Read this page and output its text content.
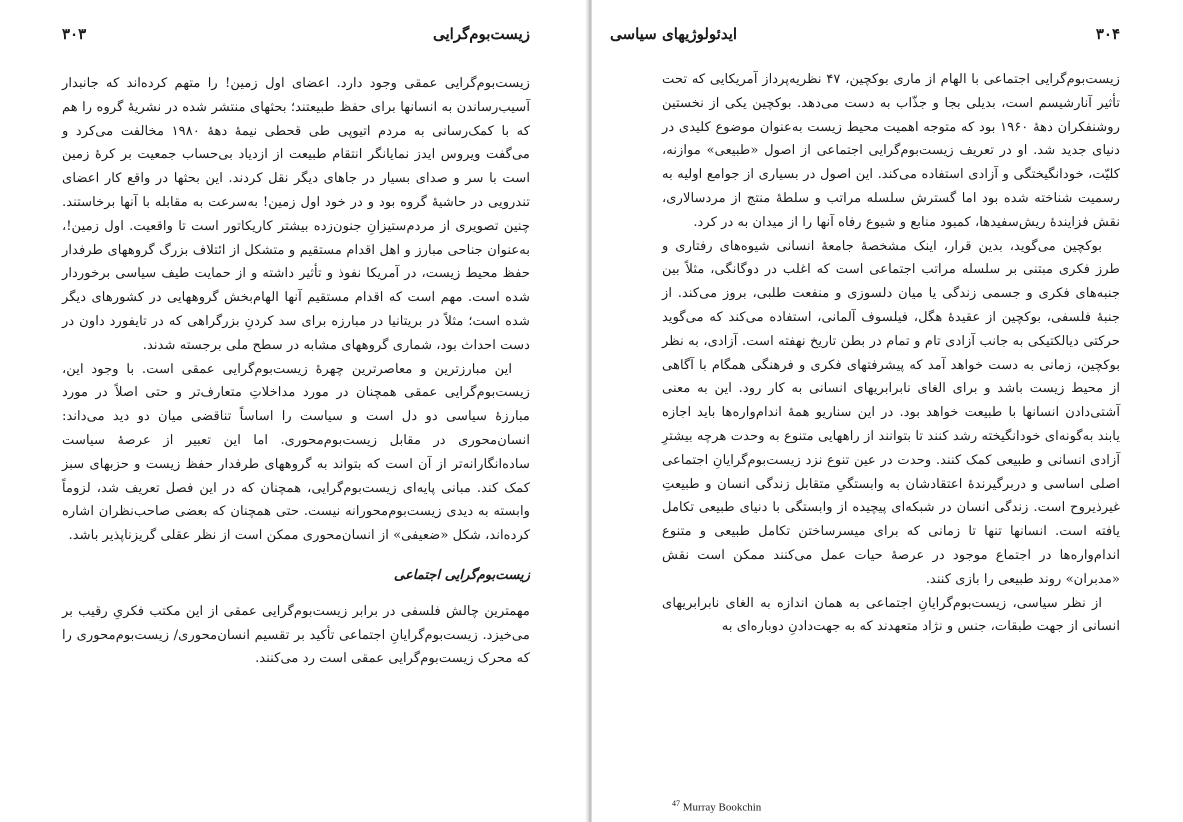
زیست‌بوم‌گرایی
۳۰۳

زیست‌بوم‌گرایی عمقی وجود دارد. اعضای اول زمین! را متهم کرده‌اند که جانبدار آسیب‌رساندن به انسانها برای حفظ طبیعتند؛ بحثهای منتشر شده در نشریهٔ گروه را هم که با کمک‌رسانی به مردم اتیوپی طی قحطی نیمهٔ دههٔ ۱۹۸۰ مخالفت می‌کرد و می‌گفت ویروس ایدز نمایانگر انتقام طبیعت از ازدیاد بی‌حساب جمعیت بر کرهٔ زمین است با سر و صدای بسیار در جاهای دیگر نقل کردند. این بحثها در واقع کار اعضای تندرویی در حاشیهٔ گروه بود و در خود اول زمین! به‌سرعت به مقابله با آنها برخاستند. چنین تصویری از مردم‌ستیزانِ جنون‌زده بیشتر کاریکاتور است تا واقعیت. اول زمین!، به‌عنوان جناحی مبارز و اهل اقدام مستقیم و متشکل از ائتلاف بزرگ گروههای طرفدار حفظ محیط زیست، در آمریکا نفوذ و تأثیر داشته و از حمایت طیف سیاسی برخوردار شده است. مهم است که اقدام مستقیم آنها الهام‌بخش گروههایی در کشورهای دیگر شده است؛ مثلاً در بریتانیا در مبارزه برای سد کردنِ بزرگراهی که در تایفورد داون در دست احداث بود، شماری گروههای مشابه در سطح ملی برجسته شدند.

این مبارزترین و معاصرترین چهرهٔ زیست‌بوم‌گرایی عمقی است. با وجود این، زیست‌بوم‌گرایی عمقی همچنان در مورد مداخلاتِ متعارف‌تر و حتی اصلاً در مورد مبارزهٔ سیاسی دو دل است و سیاست را اساساً تناقضی میان دو دید می‌داند: انسان‌محوری در مقابل زیست‌بوم‌محوری. اما این تعبیر از عرصهٔ سیاست ساده‌انگارانه‌تر از آن است که بتواند به گروههای طرفدار حفظ زیست و حزبهای سبز کمک کند. مبانی پایه‌ای زیست‌بوم‌گرایی، همچنان که در این فصل تعریف شد، لزوماً وابسته به دیدی زیست‌بوم‌محورانه نیست. حتی همچنان که بعضی صاحب‌نظران اشاره کرده‌اند، شکل «ضعیفی» از انسان‌محوری ممکن است از نظر عقلی گریزناپذیر باشد.

زیست‌بوم‌گرایی اجتماعی

مهمترین چالش فلسفی در برابر زیست‌بوم‌گرایی عمقی از این مکتب فکریِ رقیب بر می‌خیزد. زیست‌بوم‌گرایانِ اجتماعی تأکید بر تقسیم انسان‌محوری/ زیست‌بوم‌محوری را که محرک زیست‌بوم‌گرایی عمقی است رد می‌کنند.

۳۰۴
ایدئولوژیهای سیاسی

زیست‌بوم‌گرایی اجتماعی با الهام از ماری بوکچین، ۴۷ نظریه‌پرداز آمریکایی که تحت تأثیر آنارشیسم است، بدیلی بجا و جذّاب به دست می‌دهد. بوکچین یکی از نخستین روشنفکران دههٔ ۱۹۶۰ بود که متوجه اهمیت محیط زیست به‌عنوان موضوع کلیدی در دنیای جدید شد. او در تعریف زیست‌بوم‌گرایی اجتماعی از اصول «طبیعی» موازنه، کلیّت، خودانگیختگی و آزادی استفاده می‌کند. این اصول در بسیاری از جوامع اولیه به رسمیت شناخته شده بود اما گسترش سلسله مراتب و سلطهٔ منتج از مردسالاری، نقش فزایندهٔ ریش‌سفیدها، کمبود منابع و شیوع رفاه آنها را از میدان به در کرد.

بوکچین می‌گوید، بدین قرار، اینک مشخصهٔ جامعهٔ انسانی شیوه‌های رفتاری و طرز فکری مبتنی بر سلسله مراتب اجتماعی است که اغلب در دوگانگی، مثلاً بین جنبه‌های فکری و جسمی زندگی یا میان دلسوزی و منفعت طلبی، بروز می‌کند. از جنبهٔ فلسفی، بوکچین از عقیدهٔ هگل، فیلسوف آلمانی، استفاده می‌کند که می‌گوید حرکتی دیالکتیکی به جانب آزادی تام و تمام در بطن تاریخ نهفته است. آزادی، به نظر بوکچین، زمانی به دست خواهد آمد که پیشرفتهای فکری و فرهنگی همگام با آگاهی از محیط زیست باشد و برای الغای نابرابریهای انسانی به کار رود. این به معنی آشتی‌دادن انسانها با طبیعت خواهد بود. در این سناریو همهٔ اندام‌واره‌ها باید اجازه یابند به‌گونه‌ای خودانگیخته رشد کنند تا بتوانند از راههایی متنوع به وحدت هرچه بیشترِ آزادی انسانی و طبیعی کمک کنند. وحدت در عین تنوع نزد زیست‌بوم‌گرایانِ اجتماعی اصلی اساسی و دربرگیرندهٔ اعتقادشان به وابستگیِ متقابل زندگی انسان و طبیعتِ غیرذیروح است. زندگی انسان در شبکه‌ای پیچیده از وابستگی با دنیای طبیعی تکامل یافته است. انسانها تنها تا زمانی که برای میسرساختن تکامل طبیعی و متنوع اندام‌واره‌ها در اجتماع موجود در عرصهٔ حیات عمل می‌کنند ممکن است نقش «مدبران» روند طبیعی را بازی کنند.

از نظر سیاسی، زیست‌بوم‌گرایانِ اجتماعی به همان اندازه به الغای نابرابریهای انسانی از جهت طبقات، جنس و نژاد متعهدند که به جهت‌دادنِ دوباره‌ای به

$^{47}$ Murray Bookchin
